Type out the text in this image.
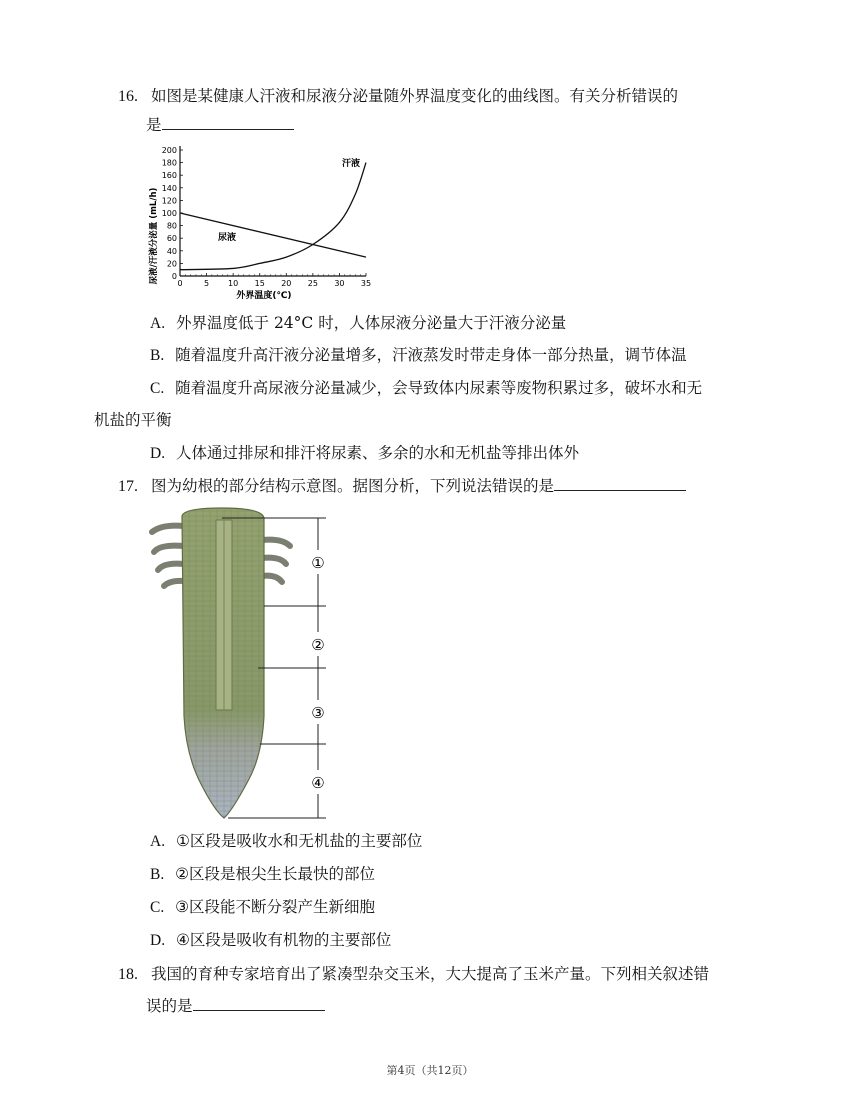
16. 如图是某健康人汗液和尿液分泌量随外界温度变化的曲线图。有关分析错误的
是
200
180
160
140
120
100
80
60
40
20
0
0	5 10 15 20 25 30 35
尿液/汗液分泌量 (mL/h)
外界温度(℃)
汗液
尿液
A. 外界温度低于 24°C 时，人体尿液分泌量大于汗液分泌量
B. 随着温度升高汗液分泌量增多，汗液蒸发时带走身体一部分热量，调节体温
C. 随着温度升高尿液分泌量减少，会导致体内尿素等废物积累过多，破坏水和无
机盐的平衡
D. 人体通过排尿和排汗将尿素、多余的水和无机盐等排出体外
17. 图为幼根的部分结构示意图。据图分析，下列说法错误的是
①
②
③
④
A. ①区段是吸收水和无机盐的主要部位
B. ②区段是根尖生长最快的部位
C. ③区段能不断分裂产生新细胞
D. ④区段是吸收有机物的主要部位
18. 我国的育种专家培育出了紧凑型杂交玉米，大大提高了玉米产量。下列相关叙述错
误的是
第4页（共12页）
